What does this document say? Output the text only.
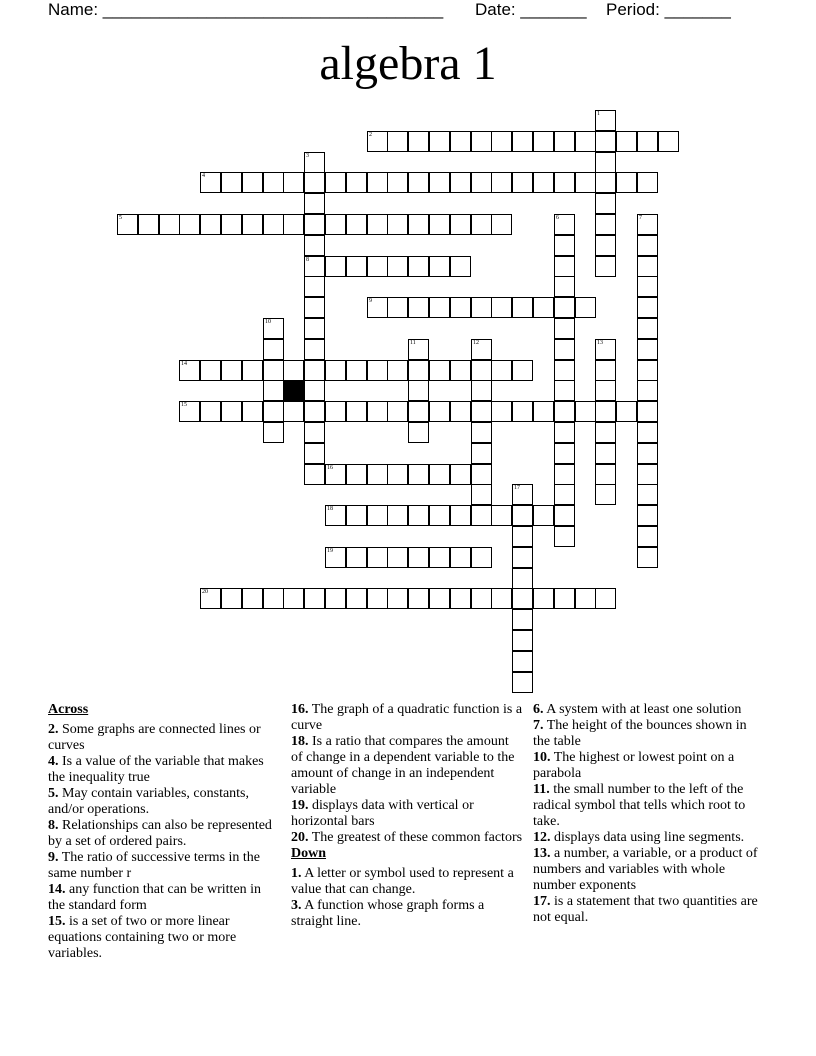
Name: ____________________________________ Date: _______ Period: _______
algebra 1
1
2
3
8
4
5	6	7
9
10
11	12	13
14
15
16
17
18
19
20
Across
2. Some graphs are connected lines or curves
4. Is a value of the variable that makes the inequality true
5. May contain variables, constants, and/or operations.
8. Relationships can also be represented by a set of ordered pairs.
9. The ratio of successive terms in the same number r
14. any function that can be written in the standard form
15. is a set of two or more linear equations containing two or more variables.
16. The graph of a quadratic function is a curve
18. Is a ratio that compares the amount of change in a dependent variable to the amount of change in an independent variable
19. displays data with vertical or horizontal bars
20. The greatest of these common factors
Down
1. A letter or symbol used to represent a value that can change.
3. A function whose graph forms a straight line.
6. A system with at least one solution
7. The height of the bounces shown in the table
10. The highest or lowest point on a parabola
11. the small number to the left of the radical symbol that tells which root to take.
12. displays data using line segments.
13. a number, a variable, or a product of numbers and variables with whole number exponents
17. is a statement that two quantities are not equal.
